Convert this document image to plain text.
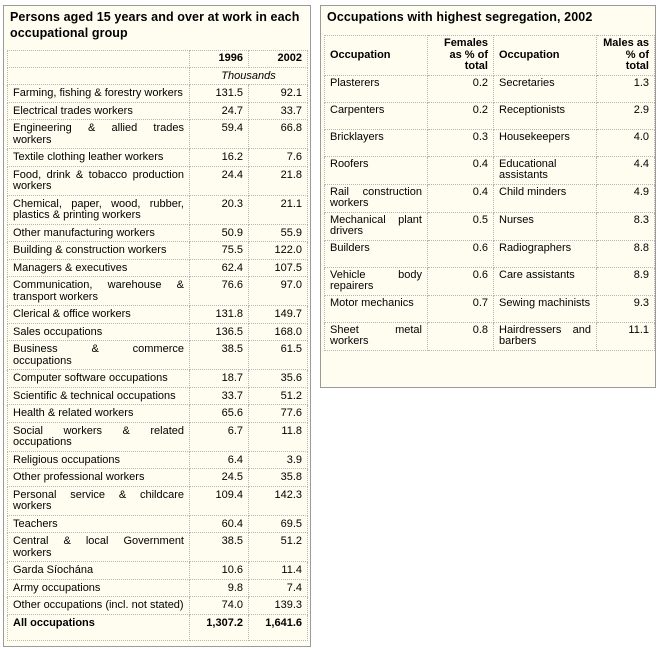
Persons aged 15 years and over at work in each occupational group
	1996	2002
	Thousands	
Farming, fishing & forestry workers	131.5	92.1
Electrical trades workers	24.7	33.7
Engineering & allied trades workers	59.4	66.8
Textile clothing leather workers	16.2	7.6
Food, drink & tobacco production workers	24.4	21.8
Chemical, paper, wood, rubber, plastics & printing workers	20.3	21.1
Other manufacturing workers	50.9	55.9
Building & construction workers	75.5	122.0
Managers & executives	62.4	107.5
Communication, warehouse & transport workers	76.6	97.0
Clerical & office workers	131.8	149.7
Sales occupations	136.5	168.0
Business & commerce occupations	38.5	61.5
Computer software occupations	18.7	35.6
Scientific & technical occupations	33.7	51.2
Health & related workers	65.6	77.6
Social workers & related occupations	6.7	11.8
Religious occupations	6.4	3.9
Other professional workers	24.5	35.8
Personal service & childcare workers	109.4	142.3
Teachers	60.4	69.5
Central & local Government workers	38.5	51.2
Garda Síochána	10.6	11.4
Army occupations	9.8	7.4
Other occupations (incl. not stated)	74.0	139.3
All occupations	1,307.2	1,641.6
Occupations with highest segregation, 2002
Occupation	Females as % of total	Occupation	Males as % of total
Plasterers	0.2	Secretaries	1.3
Carpenters	0.2	Receptionists	2.9
Bricklayers	0.3	Housekeepers	4.0
Roofers	0.4	Educational assistants	4.4
Rail construction workers	0.4	Child minders	4.9
Mechanical plant drivers	0.5	Nurses	8.3
Builders	0.6	Radiographers	8.8
Vehicle body repairers	0.6	Care assistants	8.9
Motor mechanics	0.7	Sewing machinists	9.3
Sheet metal workers	0.8	Hairdressers and barbers	11.1
